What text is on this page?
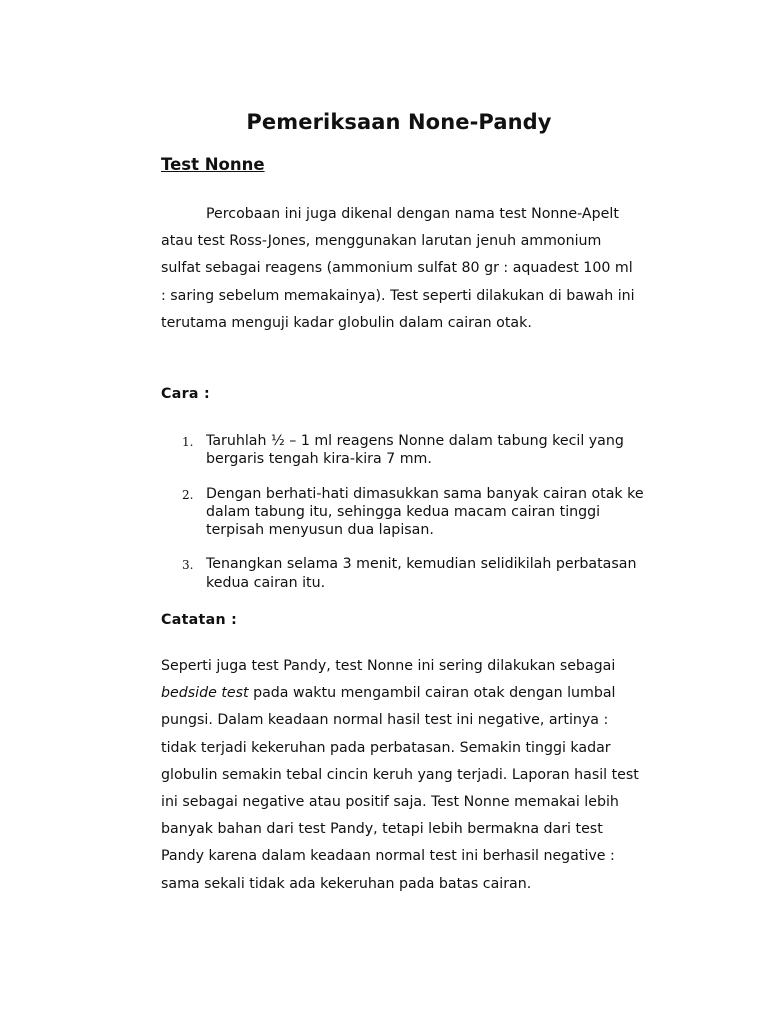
Pemeriksaan None-Pandy
Test Nonne

Percobaan ini juga dikenal dengan nama test Nonne-Apelt atau test Ross-Jones, menggunakan larutan jenuh ammonium sulfat sebagai reagens (ammonium sulfat 80 gr : aquadest 100 ml : saring sebelum memakainya). Test seperti dilakukan di bawah ini terutama menguji kadar globulin dalam cairan otak.

Cara :

1. Taruhlah ½ – 1 ml reagens Nonne dalam tabung kecil yang bergaris tengah kira-kira 7 mm.
2. Dengan berhati-hati dimasukkan sama banyak cairan otak ke dalam tabung itu, sehingga kedua macam cairan tinggi terpisah menyusun dua lapisan.
3. Tenangkan selama 3 menit, kemudian selidikilah perbatasan kedua cairan itu.

Catatan :

Seperti juga test Pandy, test Nonne ini sering dilakukan sebagai bedside test pada waktu mengambil cairan otak dengan lumbal pungsi. Dalam keadaan normal hasil test ini negative, artinya : tidak terjadi kekeruhan pada perbatasan. Semakin tinggi kadar globulin semakin tebal cincin keruh yang terjadi. Laporan hasil test ini sebagai negative atau positif saja. Test Nonne memakai lebih banyak bahan dari test Pandy, tetapi lebih bermakna dari test Pandy karena dalam keadaan normal test ini berhasil negative : sama sekali tidak ada kekeruhan pada batas cairan.
